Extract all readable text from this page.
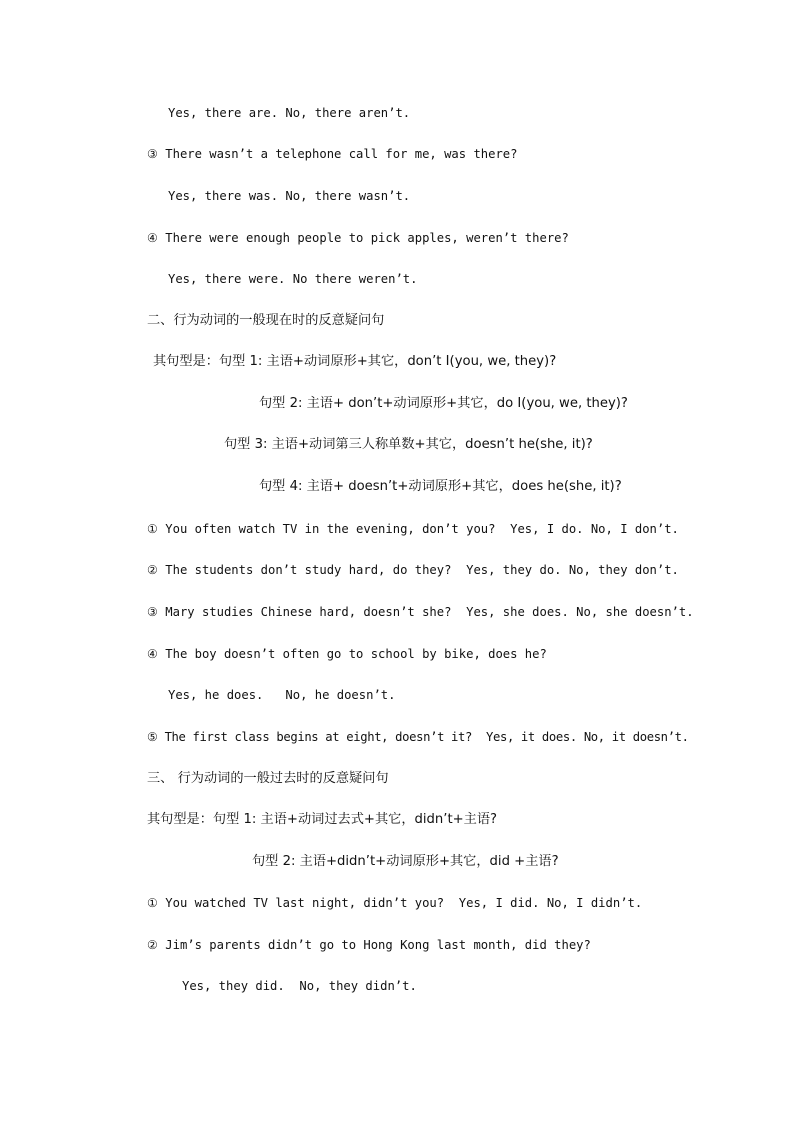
Yes, there are. No, there aren’t.
③ There wasn’t a telephone call for me, was there?
Yes, there was. No, there wasn’t.
④ There were enough people to pick apples, weren’t there?
Yes, there were. No there weren’t.
二、行为动词的一般现在时的反意疑问句
其句型是：句型 1: 主语+动词原形+其它，don’t I(you, we, they)?
句型 2: 主语+ don’t+动词原形+其它，do I(you, we, they)?
句型 3: 主语+动词第三人称单数+其它，doesn’t he(she, it)?
句型 4: 主语+ doesn’t+动词原形+其它，does he(she, it)?
① You often watch TV in the evening, don’t you?  Yes, I do. No, I don’t.
② The students don’t study hard, do they?  Yes, they do. No, they don’t.
③ Mary studies Chinese hard, doesn’t she?  Yes, she does. No, she doesn’t.
④ The boy doesn’t often go to school by bike, does he?
Yes, he does.   No, he doesn’t.
⑤ The first class begins at eight, doesn’t it?  Yes, it does. No, it doesn’t.
三、 行为动词的一般过去时的反意疑问句
其句型是：句型 1: 主语+动词过去式+其它，didn’t+主语?
句型 2: 主语+didn’t+动词原形+其它，did +主语?
① You watched TV last night, didn’t you?  Yes, I did. No, I didn’t.
② Jim’s parents didn’t go to Hong Kong last month, did they?
Yes, they did.  No, they didn’t.
